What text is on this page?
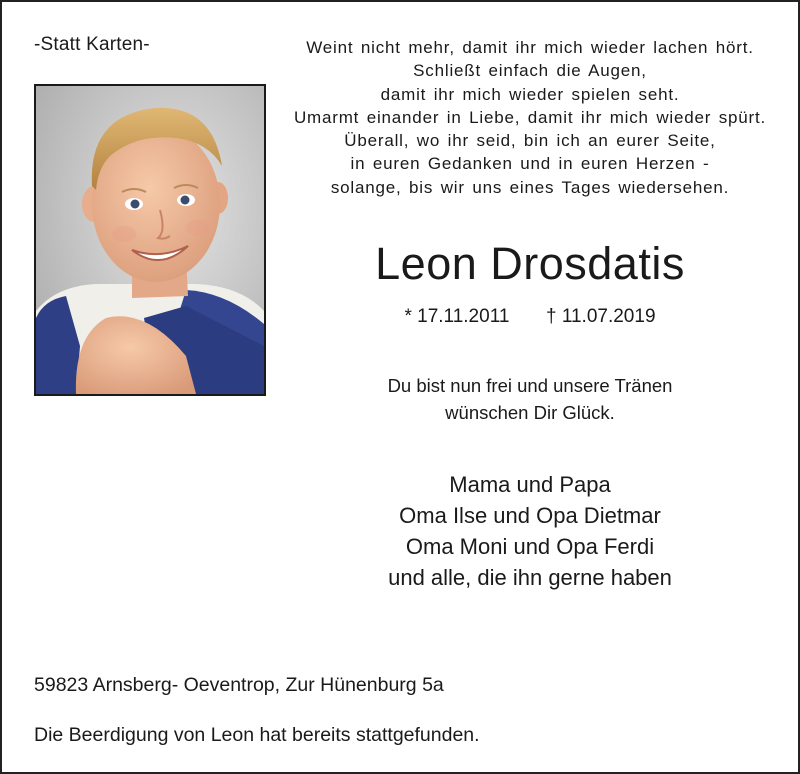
-Statt Karten-	Weint nicht mehr, damit ihr mich wieder lachen hört.
Schließt einfach die Augen,
damit ihr mich wieder spielen seht.
Umarmt einander in Liebe, damit ihr mich wieder spürt.
Überall, wo ihr seid, bin ich an eurer Seite,
in euren Gedanken und in euren Herzen -
solange, bis wir uns eines Tages wiedersehen.
Leon Drosdatis
* 17.11.2011 † 11.07.2019
Du bist nun frei und unsere Tränen
wünschen Dir Glück.
Mama und Papa
Oma Ilse und Opa Dietmar
Oma Moni und Opa Ferdi
und alle, die ihn gerne haben
59823 Arnsberg- Oeventrop, Zur Hünenburg 5a
Die Beerdigung von Leon hat bereits stattgefunden.
